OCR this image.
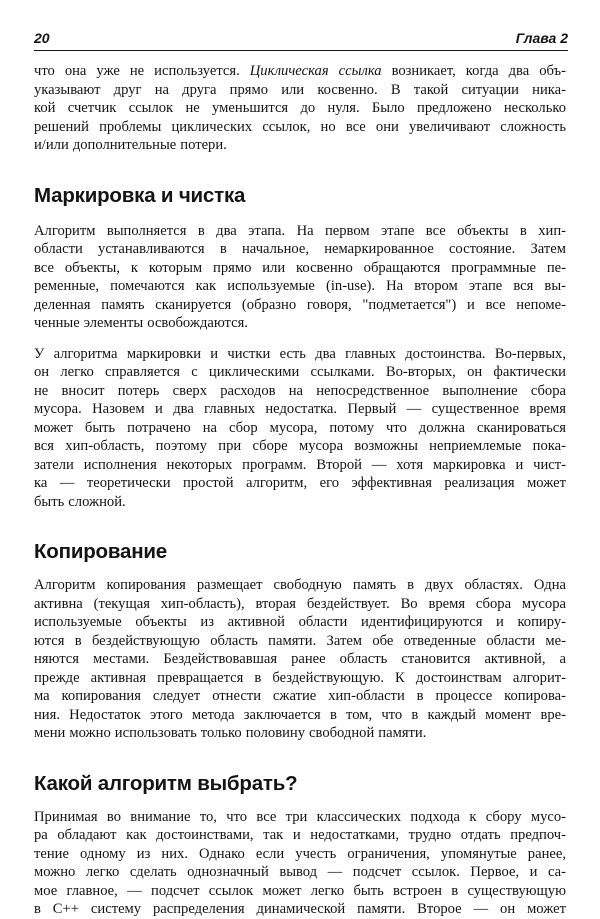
20	Глава 2

что она уже не используется. Циклическая ссылка возникает, когда два объ-
указывают друг на друга прямо или косвенно. В такой ситуации ника-
кой счетчик ссылок не уменьшится до нуля. Было предложено несколько
решений проблемы циклических ссылок, но все они увеличивают сложность
и/или дополнительные потери.

Маркировка и чистка

Алгоритм выполняется в два этапа. На первом этапе все объекты в хип-
области устанавливаются в начальное, немаркированное состояние. Затем
все объекты, к которым прямо или косвенно обращаются программные пе-
ременные, помечаются как используемые (in-use). На втором этапе вся вы-
деленная память сканируется (образно говоря, "подметается") и все непоме-
ченные элементы освобождаются.

У алгоритма маркировки и чистки есть два главных достоинства. Во-первых,
он легко справляется с циклическими ссылками. Во-вторых, он фактически
не вносит потерь сверх расходов на непосредственное выполнение сбора
мусора. Назовем и два главных недостатка. Первый — существенное время
может быть потрачено на сбор мусора, потому что должна сканироваться
вся хип-область, поэтому при сборе мусора возможны неприемлемые пока-
затели исполнения некоторых программ. Второй — хотя маркировка и чист-
ка — теоретически простой алгоритм, его эффективная реализация может
быть сложной.

Копирование

Алгоритм копирования размещает свободную память в двух областях. Одна
активна (текущая хип-область), вторая бездействует. Во время сбора мусора
используемые объекты из активной области идентифицируются и копиру-
ются в бездействующую область памяти. Затем обе отведенные области ме-
няются местами. Бездействовавшая ранее область становится активной, а
прежде активная превращается в бездействующую. К достоинствам алгорит-
ма копирования следует отнести сжатие хип-области в процессе копирова-
ния. Недостаток этого метода заключается в том, что в каждый момент вре-
мени можно использовать только половину свободной памяти.

Какой алгоритм выбрать?

Принимая во внимание то, что все три классических подхода к сбору мусо-
ра обладают как достоинствами, так и недостатками, трудно отдать предпоч-
тение одному из них. Однако если учесть ограничения, упомянутые ранее,
можно легко сделать однозначный вывод — подсчет ссылок. Первое, и са-
мое главное, — подсчет ссылок может легко быть встроен в существующую
в C++ систему распределения динамической памяти. Второе — он может
